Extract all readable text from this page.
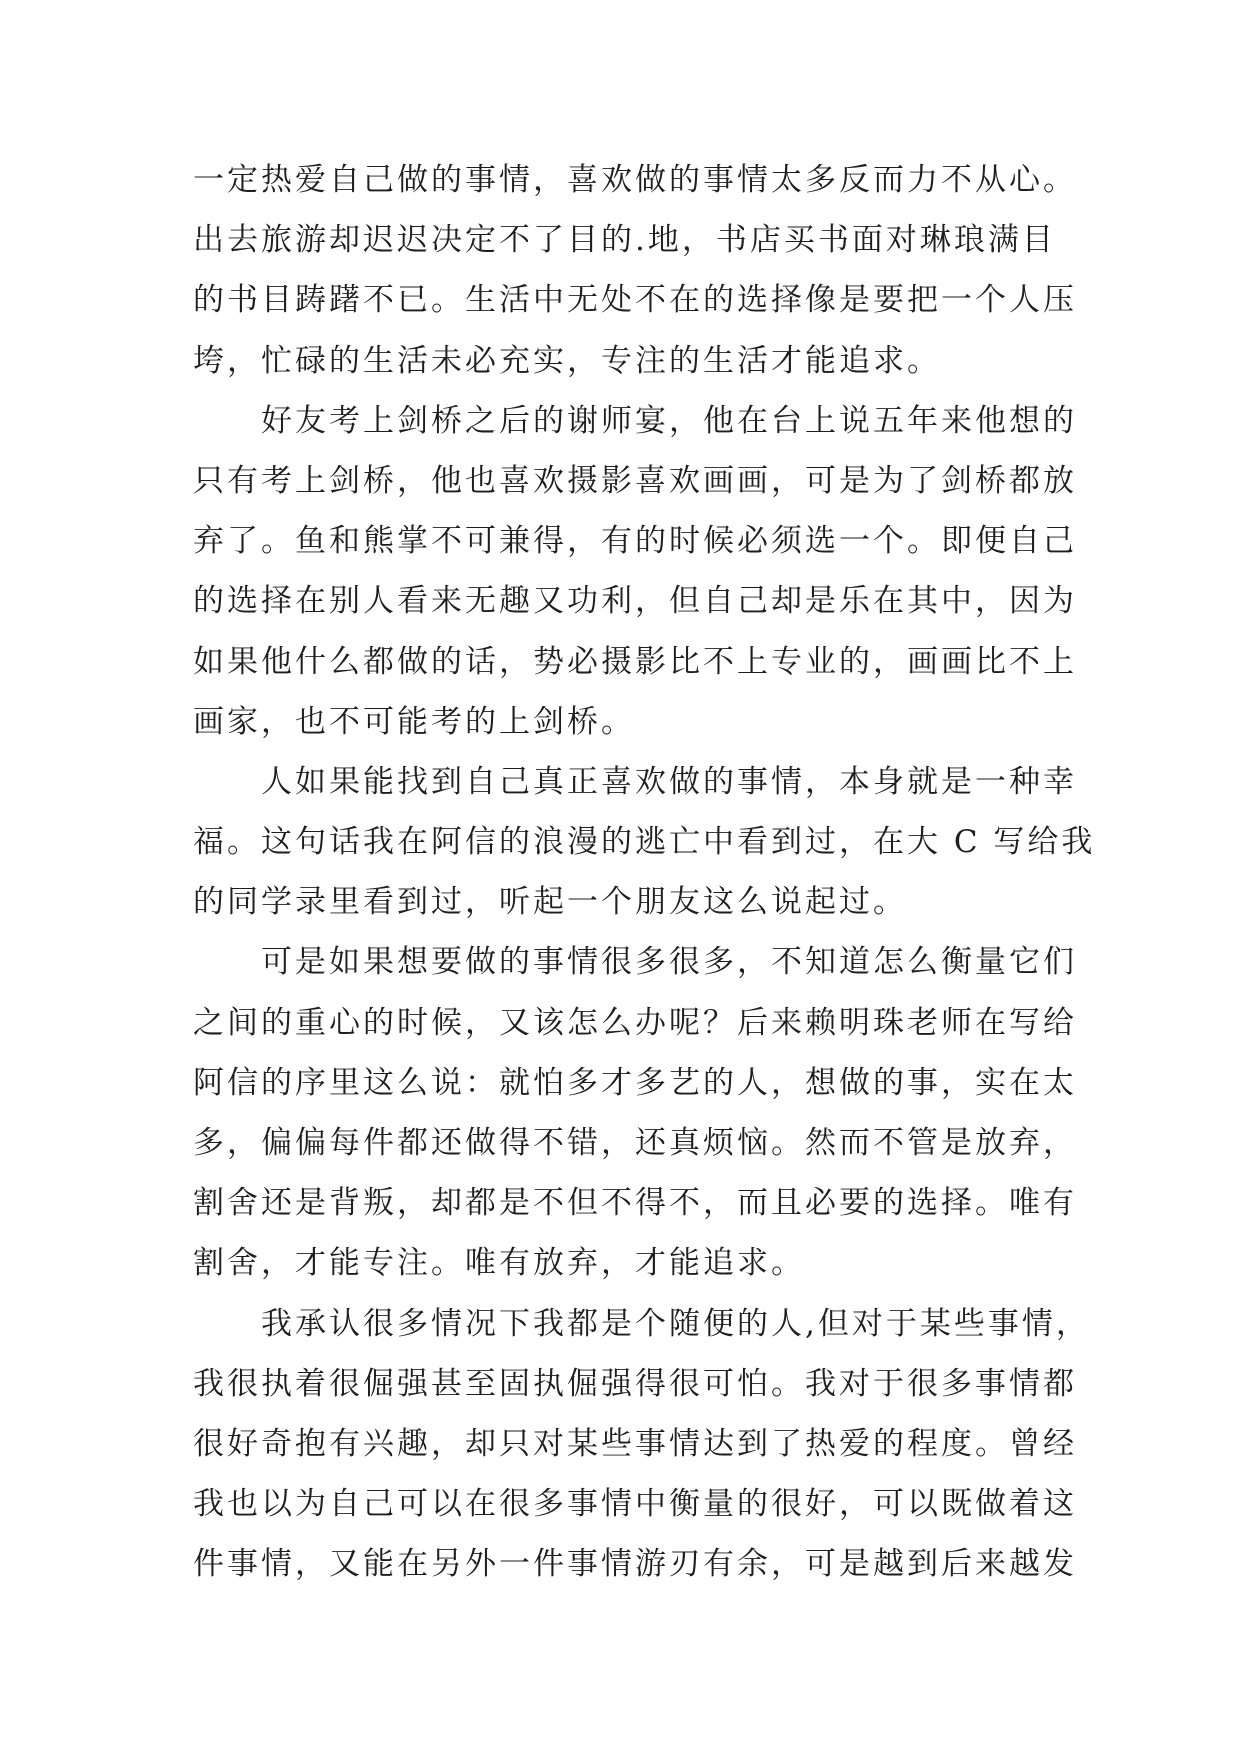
一定热爱自己做的事情，喜欢做的事情太多反而力不从心。
出去旅游却迟迟决定不了目的.地，书店买书面对琳琅满目
的书目踌躇不已。生活中无处不在的选择像是要把一个人压
垮，忙碌的生活未必充实，专注的生活才能追求。
　　好友考上剑桥之后的谢师宴，他在台上说五年来他想的
只有考上剑桥，他也喜欢摄影喜欢画画，可是为了剑桥都放
弃了。鱼和熊掌不可兼得，有的时候必须选一个。即便自己
的选择在别人看来无趣又功利，但自己却是乐在其中，因为
如果他什么都做的话，势必摄影比不上专业的，画画比不上
画家，也不可能考的上剑桥。
　　人如果能找到自己真正喜欢做的事情，本身就是一种幸
福。这句话我在阿信的浪漫的逃亡中看到过，在大 C 写给我
的同学录里看到过，听起一个朋友这么说起过。
　　可是如果想要做的事情很多很多，不知道怎么衡量它们
之间的重心的时候，又该怎么办呢？后来赖明珠老师在写给
阿信的序里这么说：就怕多才多艺的人，想做的事，实在太
多，偏偏每件都还做得不错，还真烦恼。然而不管是放弃，
割舍还是背叛，却都是不但不得不，而且必要的选择。唯有
割舍，才能专注。唯有放弃，才能追求。
　　我承认很多情况下我都是个随便的人,但对于某些事情，
我很执着很倔强甚至固执倔强得很可怕。我对于很多事情都
很好奇抱有兴趣，却只对某些事情达到了热爱的程度。曾经
我也以为自己可以在很多事情中衡量的很好，可以既做着这
件事情，又能在另外一件事情游刃有余，可是越到后来越发
